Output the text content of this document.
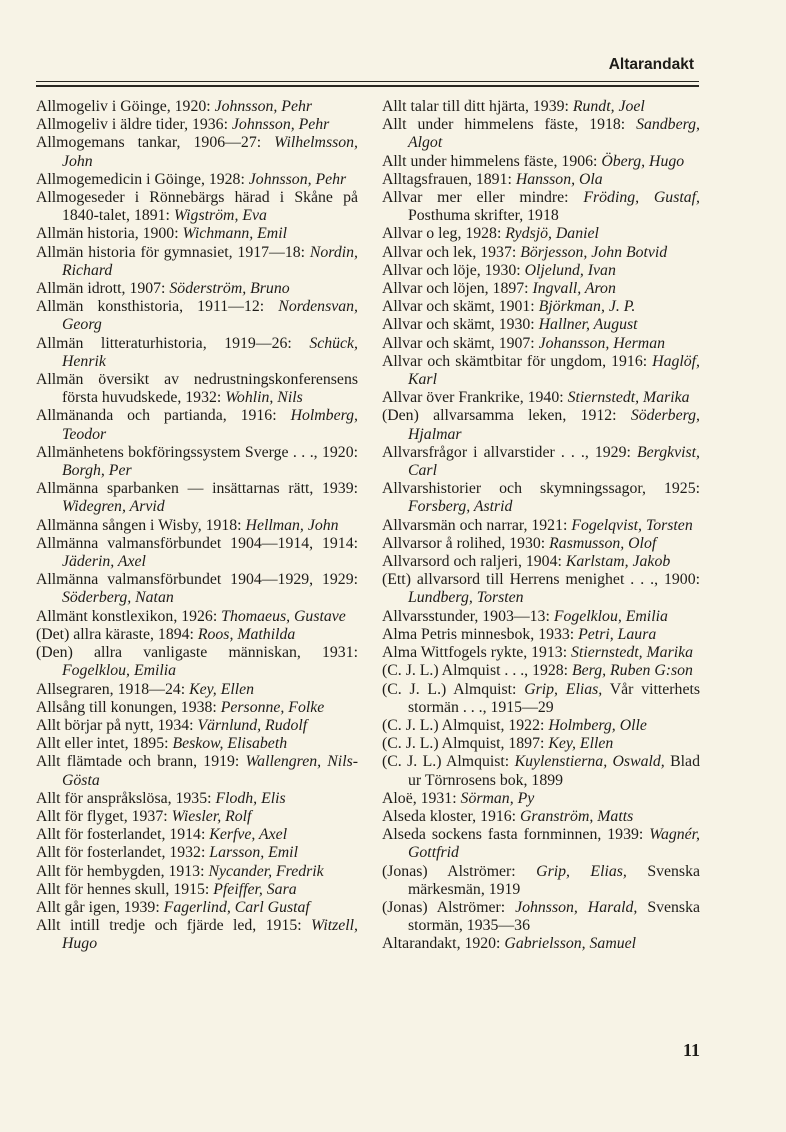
Altarandakt
Allmogeliv i Göinge, 1920: Johnsson, Pehr
Allmogeliv i äldre tider, 1936: Johnsson, Pehr
Allmogemans tankar, 1906—27: Wilhelmsson, John
Allmogemedicin i Göinge, 1928: Johnsson, Pehr
Allmogeseder i Rönnebärgs härad i Skåne på 1840-talet, 1891: Wigström, Eva
Allmän historia, 1900: Wichmann, Emil
Allmän historia för gymnasiet, 1917—18: Nordin, Richard
Allmän idrott, 1907: Söderström, Bruno
Allmän konsthistoria, 1911—12: Nordensvan, Georg
Allmän litteraturhistoria, 1919—26: Schück, Henrik
Allmän översikt av nedrustningskonferensens första huvudskede, 1932: Wohlin, Nils
Allmänanda och partianda, 1916: Holmberg, Teodor
Allmänhetens bokföringssystem Sverge . . ., 1920: Borgh, Per
Allmänna sparbanken — insättarnas rätt, 1939: Widegren, Arvid
Allmänna sången i Wisby, 1918: Hellman, John
Allmänna valmansförbundet 1904—1914, 1914: Jäderin, Axel
Allmänna valmansförbundet 1904—1929, 1929: Söderberg, Natan
Allmänt konstlexikon, 1926: Thomaeus, Gustave
(Det) allra käraste, 1894: Roos, Mathilda
(Den) allra vanligaste människan, 1931: Fogelklou, Emilia
Allsegraren, 1918—24: Key, Ellen
Allsång till konungen, 1938: Personne, Folke
Allt börjar på nytt, 1934: Värnlund, Rudolf
Allt eller intet, 1895: Beskow, Elisabeth
Allt flämtade och brann, 1919: Wallengren, Nils-Gösta
Allt för anspråkslösa, 1935: Flodh, Elis
Allt för flyget, 1937: Wiesler, Rolf
Allt för fosterlandet, 1914: Kerfve, Axel
Allt för fosterlandet, 1932: Larsson, Emil
Allt för hembygden, 1913: Nycander, Fredrik
Allt för hennes skull, 1915: Pfeiffer, Sara
Allt går igen, 1939: Fagerlind, Carl Gustaf
Allt intill tredje och fjärde led, 1915: Witzell, Hugo
Allt talar till ditt hjärta, 1939: Rundt, Joel
Allt under himmelens fäste, 1918: Sandberg, Algot
Allt under himmelens fäste, 1906: Öberg, Hugo
Alltagsfrauen, 1891: Hansson, Ola
Allvar mer eller mindre: Fröding, Gustaf, Posthuma skrifter, 1918
Allvar o leg, 1928: Rydsjö, Daniel
Allvar och lek, 1937: Börjesson, John Botvid
Allvar och löje, 1930: Oljelund, Ivan
Allvar och löjen, 1897: Ingvall, Aron
Allvar och skämt, 1901: Björkman, J. P.
Allvar och skämt, 1930: Hallner, August
Allvar och skämt, 1907: Johansson, Herman
Allvar och skämtbitar för ungdom, 1916: Haglöf, Karl
Allvar över Frankrike, 1940: Stiernstedt, Marika
(Den) allvarsamma leken, 1912: Söderberg, Hjalmar
Allvarsfrågor i allvarstider . . ., 1929: Bergkvist, Carl
Allvarshistorier och skymningssagor, 1925: Forsberg, Astrid
Allvarsmän och narrar, 1921: Fogelqvist, Torsten
Allvarsor å rolihed, 1930: Rasmusson, Olof
Allvarsord och raljeri, 1904: Karlstam, Jakob
(Ett) allvarsord till Herrens menighet . . ., 1900: Lundberg, Torsten
Allvarsstunder, 1903—13: Fogelklou, Emilia
Alma Petris minnesbok, 1933: Petri, Laura
Alma Wittfogels rykte, 1913: Stiernstedt, Marika
(C. J. L.) Almquist . . ., 1928: Berg, Ruben G:son
(C. J. L.) Almquist: Grip, Elias, Vår vitterhets stormän . . ., 1915—29
(C. J. L.) Almquist, 1922: Holmberg, Olle
(C. J. L.) Almquist, 1897: Key, Ellen
(C. J. L.) Almquist: Kuylenstierna, Oswald, Blad ur Törnrosens bok, 1899
Aloë, 1931: Sörman, Py
Alseda kloster, 1916: Granström, Matts
Alseda sockens fasta fornminnen, 1939: Wagnér, Gottfrid
(Jonas) Alströmer: Grip, Elias, Svenska märkesmän, 1919
(Jonas) Alströmer: Johnsson, Harald, Svenska stormän, 1935—36
Altarandakt, 1920: Gabrielsson, Samuel
11
